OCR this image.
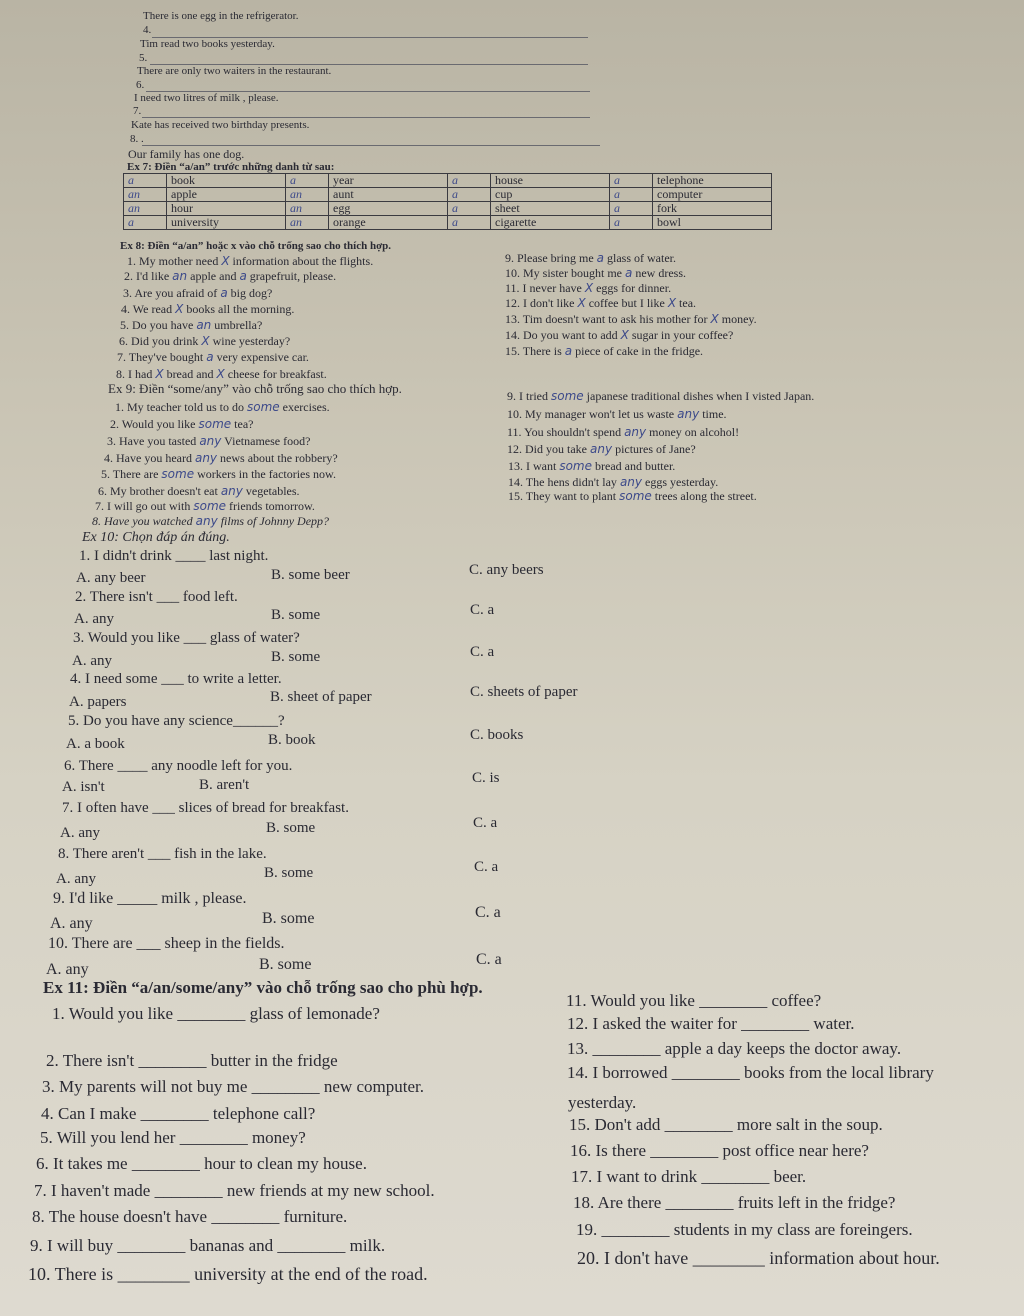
There is one egg in the refrigerator.
4.
Tim read two books yesterday.
5.
There are only two waiters in the restaurant.
6.
I need two litres of milk , please.
7.
Kate has received two birthday presents.
8. .
Our family has one dog.
Ex 7: Điền “a/an” trước những danh từ sau:
a	book	a	year	a	house	a	telephone
an	apple	an	aunt	a	cup	a	computer
an	hour	an	egg	a	sheet	a	fork
a	university	an	orange	a	cigarette	a	bowl
Ex 8: Điền “a/an” hoặc x vào chỗ trống sao cho thích hợp.
1. My mother need X information about the flights.
2. I'd like an apple and a grapefruit, please.
3. Are you afraid of a big dog?
4. We read X books all the morning.
5. Do you have an umbrella?
6. Did you drink X wine yesterday?
7. They've bought a very expensive car.
8. I had X bread and X cheese for breakfast.
9. Please bring me a glass of water.
10. My sister bought me a new dress.
11. I never have X eggs for dinner.
12. I don't like X coffee but I like X tea.
13. Tim doesn't want to ask his mother for X money.
14. Do you want to add X sugar in your coffee?
15. There is a piece of cake in the fridge.
Ex 9: Điền “some/any” vào chỗ trống sao cho thích hợp.
1. My teacher told us to do some exercises.
2. Would you like some tea?
3. Have you tasted any Vietnamese food?
4. Have you heard any news about the robbery?
5. There are some workers in the factories now.
6. My brother doesn't eat any vegetables.
7. I will go out with some friends tomorrow.
8. Have you watched any films of Johnny Depp?
9. I tried some japanese traditional dishes when I visted Japan.
10. My manager won't let us waste any time.
11. You shouldn't spend any money on alcohol!
12. Did you take any pictures of Jane?
13. I want some bread and butter.
14. The hens didn't lay any eggs yesterday.
15. They want to plant some trees along the street.
Ex 10: Chọn đáp án đúng.
1. I didn't drink ____ last night.
A. any beer	B. some beer	C. any beers
2. There isn't ___ food left.
A. any	B. some	C. a
3. Would you like ___ glass of water?
A. any	B. some	C. a
4. I need some ___ to write a letter.
A. papers	B. sheet of paper	C. sheets of paper
5. Do you have any science______?
A. a book	B. book	C. books
6. There ____ any noodle left for you.
A. isn't	B. aren't	C. is
7. I often have ___ slices of bread for breakfast.
A. any	B. some	C. a
8. There aren't ___ fish in the lake.
A. any	B. some	C. a
9. I'd like _____ milk , please.
A. any	B. some	C. a
10. There are ___ sheep in the fields.
A. any	B. some	C. a
Ex 11: Điền “a/an/some/any” vào chỗ trống sao cho phù hợp.
1. Would you like ________ glass of lemonade?
2. There isn't ________ butter in the fridge
3. My parents will not buy me ________ new computer.
4. Can I make ________ telephone call?
5. Will you lend her ________ money?
6. It takes me ________ hour to clean my house.
7. I haven't made ________ new friends at my new school.
8. The house doesn't have ________ furniture.
9. I will buy ________ bananas and ________ milk.
10. There is ________ university at the end of the road.
11. Would you like ________ coffee?
12. I asked the waiter for ________ water.
13. ________ apple a day keeps the doctor away.
14. I borrowed ________ books from the local library
yesterday.
15. Don't add ________ more salt in the soup.
16. Is there ________ post office near here?
17. I want to drink ________ beer.
18. Are there ________ fruits left in the fridge?
19. ________ students in my class are foreingers.
20. I don't have ________ information about hour.
